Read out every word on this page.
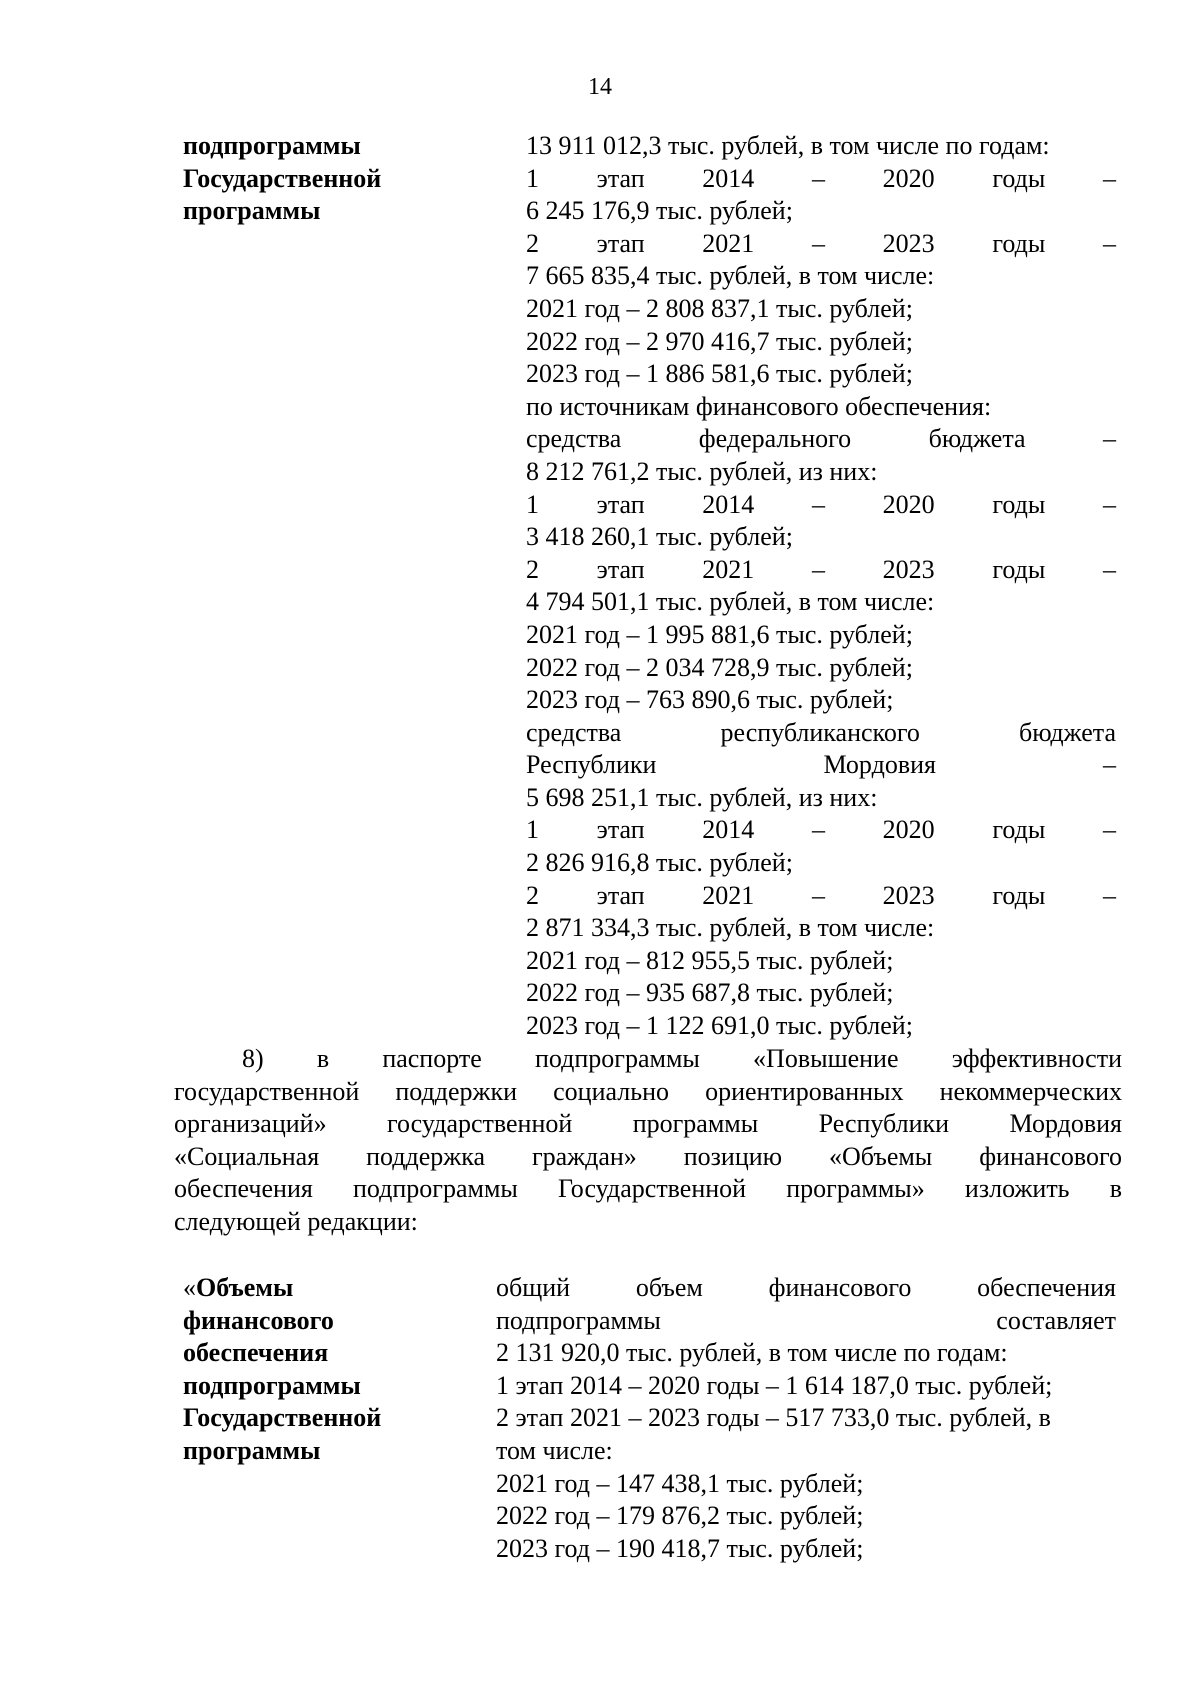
14
подпрограммы
Государственной
программы
13 911 012,3 тыс. рублей, в том числе по годам:
1 этап 2014 – 2020 годы –
6 245 176,9 тыс. рублей;
2 этап 2021 – 2023 годы –
7 665 835,4 тыс. рублей, в том числе:
2021 год – 2 808 837,1 тыс. рублей;
2022 год – 2 970 416,7 тыс. рублей;
2023 год – 1 886 581,6 тыс. рублей;
по источникам финансового обеспечения:
средства федерального бюджета –
8 212 761,2 тыс. рублей, из них:
1 этап 2014 – 2020 годы –
3 418 260,1 тыс. рублей;
2 этап 2021 – 2023 годы –
4 794 501,1 тыс. рублей, в том числе:
2021 год – 1 995 881,6 тыс. рублей;
2022 год – 2 034 728,9 тыс. рублей;
2023 год – 763 890,6 тыс. рублей;
средства республиканского бюджета
Республики Мордовия –
5 698 251,1 тыс. рублей, из них:
1 этап 2014 – 2020 годы –
2 826 916,8 тыс. рублей;
2 этап 2021 – 2023 годы –
2 871 334,3 тыс. рублей, в том числе:
2021 год – 812 955,5 тыс. рублей;
2022 год – 935 687,8 тыс. рублей;
2023 год – 1 122 691,0 тыс. рублей;
8) в паспорте подпрограммы «Повышение эффективности
государственной поддержки социально ориентированных некоммерческих
организаций» государственной программы Республики Мордовия
«Социальная поддержка граждан» позицию «Объемы финансового
обеспечения подпрограммы Государственной программы» изложить в
следующей редакции:
«Объемы
финансового
обеспечения
подпрограммы
Государственной
программы
общий объем финансового обеспечения
подпрограммы составляет
2 131 920,0 тыс. рублей, в том числе по годам:
1 этап 2014 – 2020 годы – 1 614 187,0 тыс. рублей;
2 этап 2021 – 2023 годы – 517 733,0 тыс. рублей, в
том числе:
2021 год – 147 438,1 тыс. рублей;
2022 год – 179 876,2 тыс. рублей;
2023 год – 190 418,7 тыс. рублей;
